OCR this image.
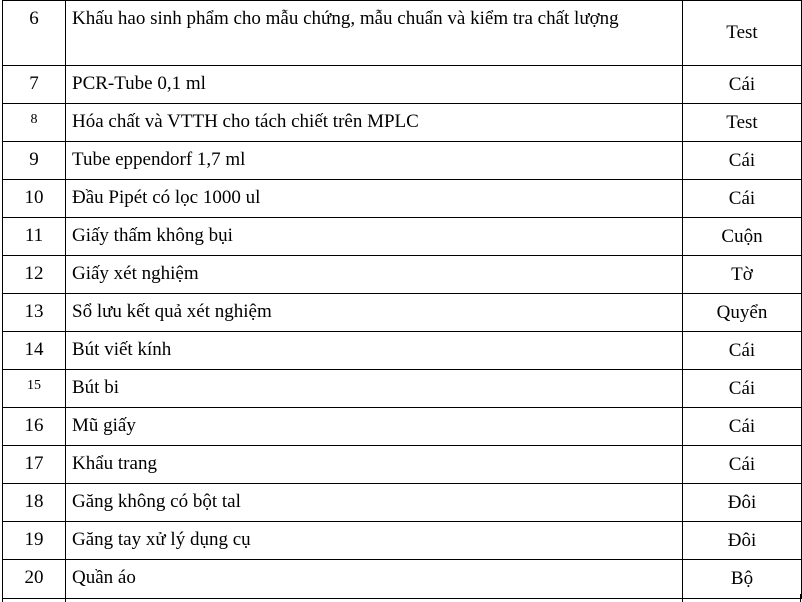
6	Khấu hao sinh phẩm cho mẫu chứng, mẫu chuẩn và kiểm tra chất lượng	Test
7	PCR-Tube 0,1 ml	Cái
8	Hóa chất và VTTH cho tách chiết trên MPLC	Test
9	Tube eppendorf 1,7 ml	Cái
10	Đầu Pipét có lọc 1000 ul	Cái
11	Giấy thấm không bụi	Cuộn
12	Giấy xét nghiệm	Tờ
13	Sổ lưu kết quả xét nghiệm	Quyển
14	Bút viết kính	Cái
15	Bút bi	Cái
16	Mũ giấy	Cái
17	Khẩu trang	Cái
18	Găng không có bột tal	Đôi
19	Găng tay xử lý dụng cụ	Đôi
20	Quần áo	Bộ
